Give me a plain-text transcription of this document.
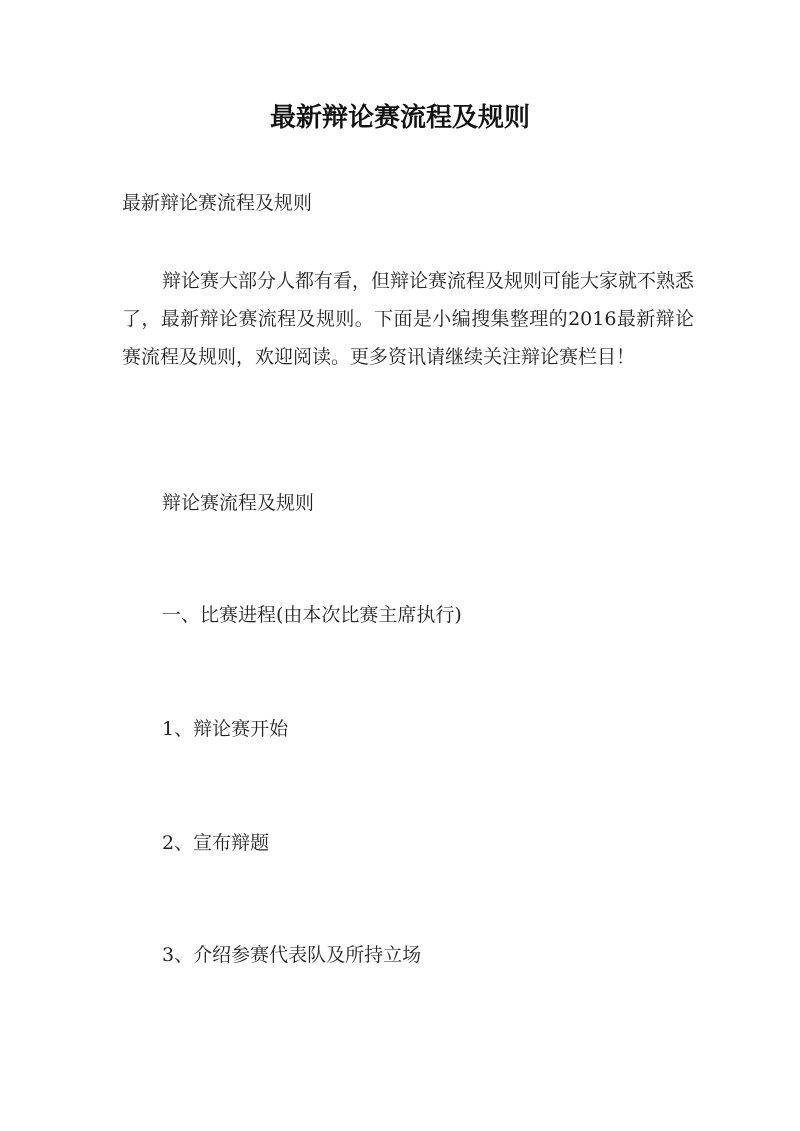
最新辩论赛流程及规则

最新辩论赛流程及规则

辩论赛大部分人都有看，但辩论赛流程及规则可能大家就不熟悉了，最新辩论赛流程及规则。下面是小编搜集整理的2016最新辩论赛流程及规则，欢迎阅读。更多资讯请继续关注辩论赛栏目！

辩论赛流程及规则

一、比赛进程(由本次比赛主席执行)

1、辩论赛开始

2、宣布辩题

3、介绍参赛代表队及所持立场
